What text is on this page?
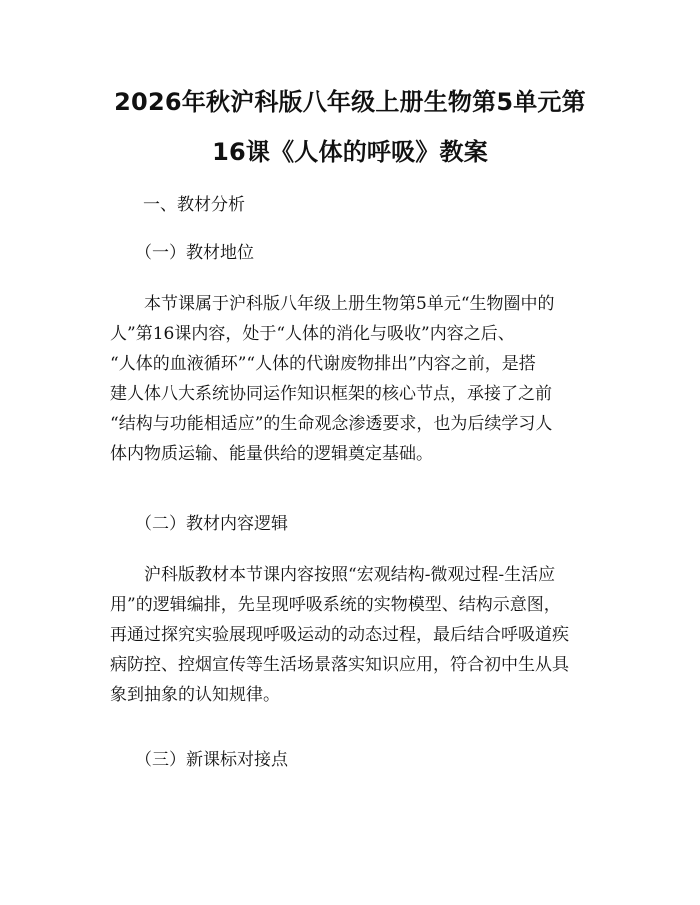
2026年秋沪科版八年级上册生物第5单元第
16课《人体的呼吸》教案
一、教材分析
（一）教材地位
本节课属于沪科版八年级上册生物第5单元“生物圈中的
人”第16课内容，处于“人体的消化与吸收”内容之后、
“人体的血液循环”“人体的代谢废物排出”内容之前，是搭
建人体八大系统协同运作知识框架的核心节点，承接了之前
“结构与功能相适应”的生命观念渗透要求，也为后续学习人
体内物质运输、能量供给的逻辑奠定基础。
（二）教材内容逻辑
沪科版教材本节课内容按照“宏观结构-微观过程-生活应
用”的逻辑编排，先呈现呼吸系统的实物模型、结构示意图，
再通过探究实验展现呼吸运动的动态过程，最后结合呼吸道疾
病防控、控烟宣传等生活场景落实知识应用，符合初中生从具
象到抽象的认知规律。
（三）新课标对接点
